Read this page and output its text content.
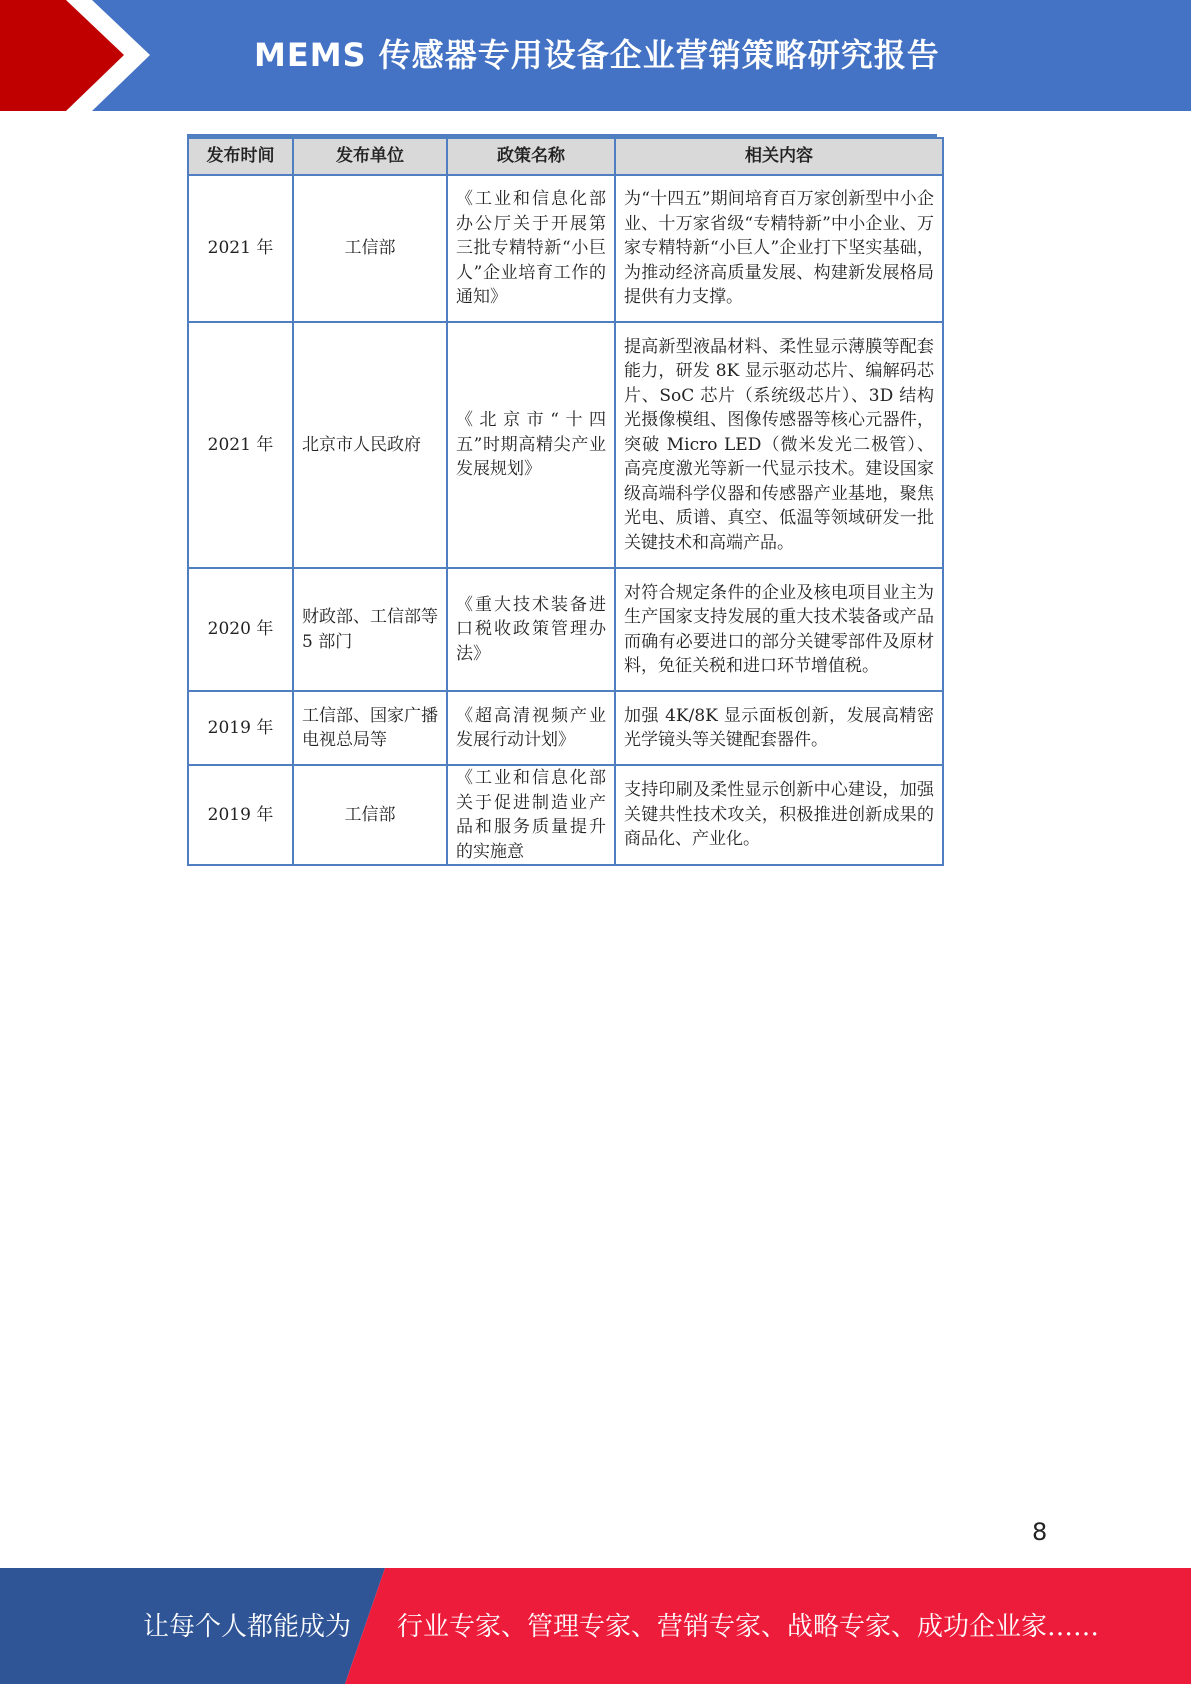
MEMS 传感器专用设备企业营销策略研究报告
发布时间	发布单位	政策名称	相关内容
2021 年	工信部	《工业和信息化部办公厅关于开展第三批专精特新“小巨人”企业培育工作的通知》	为“十四五”期间培育百万家创新型中小企业、十万家省级“专精特新”中小企业、万家专精特新“小巨人”企业打下坚实基础，为推动经济高质量发展、构建新发展格局提供有力支撑。
2021 年	北京市人民政府	《北京市“十四五”时期高精尖产业发展规划》	提高新型液晶材料、柔性显示薄膜等配套能力，研发 8K 显示驱动芯片、编解码芯片、SoC 芯片（系统级芯片）、3D 结构光摄像模组、图像传感器等核心元器件，突破 Micro LED（微米发光二极管）、高亮度激光等新一代显示技术。建设国家级高端科学仪器和传感器产业基地，聚焦光电、质谱、真空、低温等领域研发一批关键技术和高端产品。
2020 年	财政部、工信部等 5 部门	《重大技术装备进口税收政策管理办法》	对符合规定条件的企业及核电项目业主为生产国家支持发展的重大技术装备或产品而确有必要进口的部分关键零部件及原材料，免征关税和进口环节增值税。
2019 年	工信部、国家广播电视总局等	《超高清视频产业发展行动计划》	加强 4K/8K 显示面板创新，发展高精密光学镜头等关键配套器件。
2019 年	工信部	《工业和信息化部关于促进制造业产品和服务质量提升的实施意	支持印刷及柔性显示创新中心建设，加强关键共性技术攻关，积极推进创新成果的商品化、产业化。
8
让每个人都能成为 行业专家、管理专家、营销专家、战略专家、成功企业家……
